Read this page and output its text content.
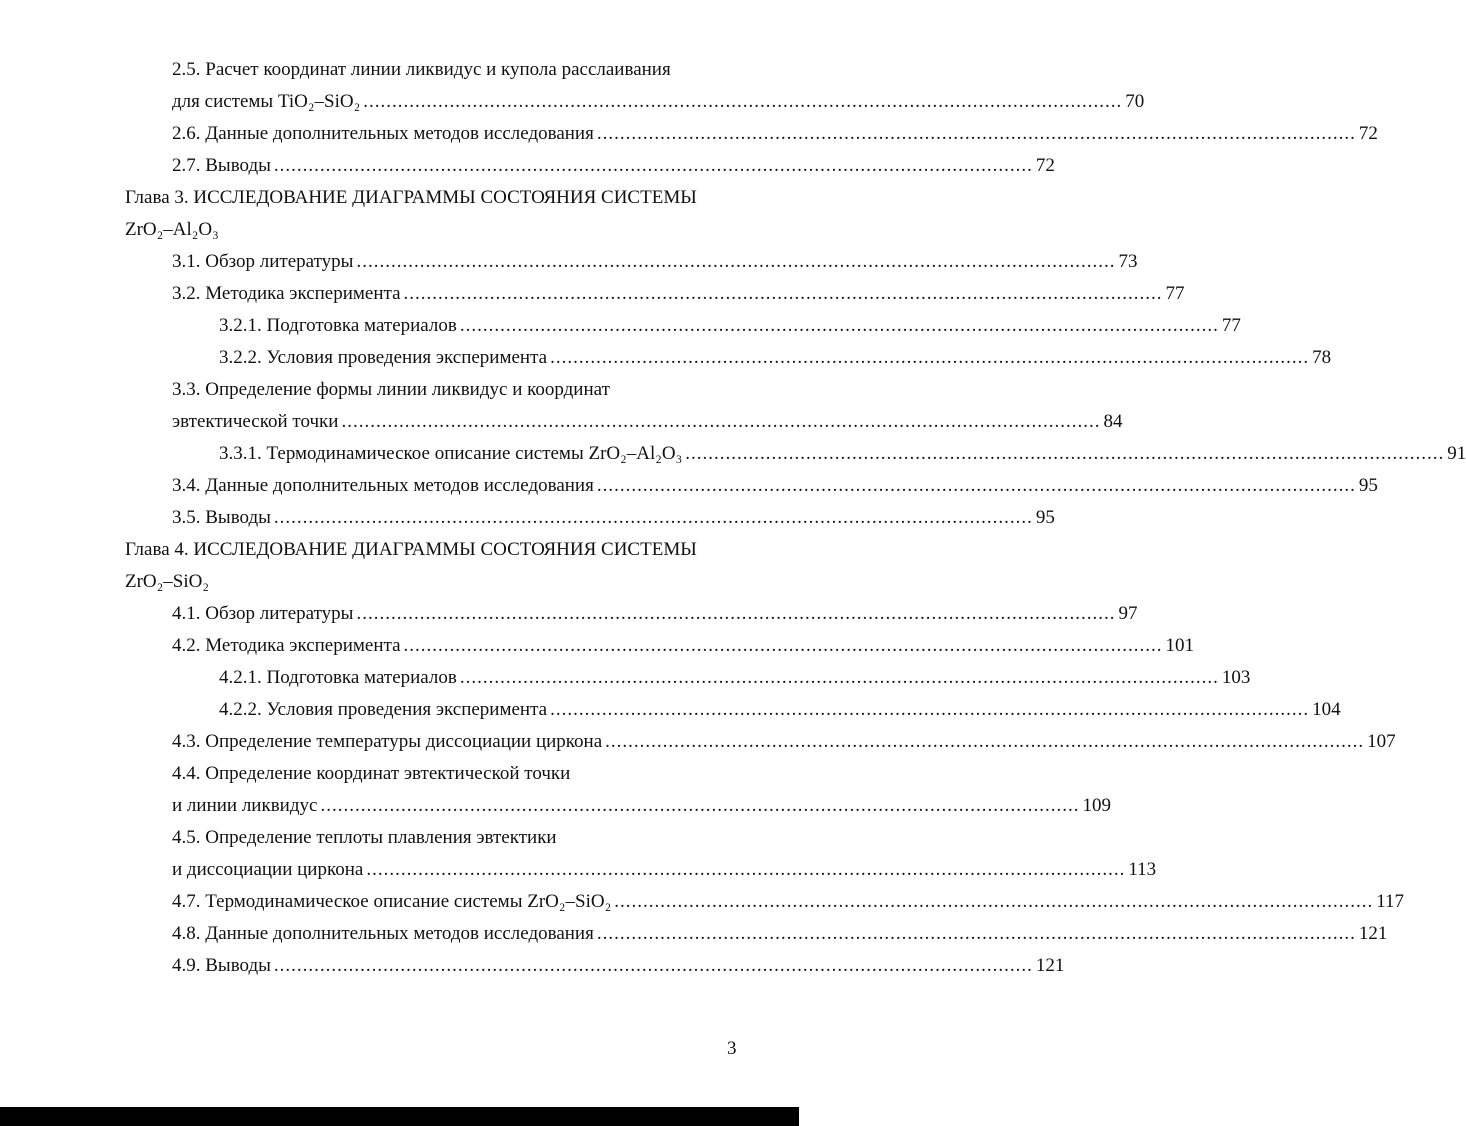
2.5. Расчет координат линии ликвидус и купола расслаивания
для системы TiO₂–SiO₂ .................................................................................................................................... 70
2.6. Данные дополнительных методов исследования .................................................................................................................................... 72
2.7. Выводы .................................................................................................................................... 72
Глава 3. ИССЛЕДОВАНИЕ ДИАГРАММЫ СОСТОЯНИЯ СИСТЕМЫ
ZrO₂–Al₂O₃
3.1. Обзор литературы .................................................................................................................................... 73
3.2. Методика эксперимента .................................................................................................................................... 77
3.2.1. Подготовка материалов .................................................................................................................................... 77
3.2.2. Условия проведения эксперимента .................................................................................................................................... 78
3.3. Определение формы линии ликвидус и координат
эвтектической точки .................................................................................................................................... 84
3.3.1. Термодинамическое описание системы ZrO₂–Al₂O₃ .................................................................................................................................... 91
3.4. Данные дополнительных методов исследования .................................................................................................................................... 95
3.5. Выводы .................................................................................................................................... 95
Глава 4. ИССЛЕДОВАНИЕ ДИАГРАММЫ СОСТОЯНИЯ СИСТЕМЫ
ZrO₂–SiO₂
4.1. Обзор литературы .................................................................................................................................... 97
4.2. Методика эксперимента .................................................................................................................................... 101
4.2.1. Подготовка материалов .................................................................................................................................... 103
4.2.2. Условия проведения эксперимента .................................................................................................................................... 104
4.3. Определение температуры диссоциации циркона .................................................................................................................................... 107
4.4. Определение координат эвтектической точки
и линии ликвидус .................................................................................................................................... 109
4.5. Определение теплоты плавления эвтектики
и диссоциации циркона .................................................................................................................................... 113
4.7. Термодинамическое описание системы ZrO₂–SiO₂ .................................................................................................................................... 117
4.8. Данные дополнительных методов исследования .................................................................................................................................... 121
4.9. Выводы .................................................................................................................................... 121
3
